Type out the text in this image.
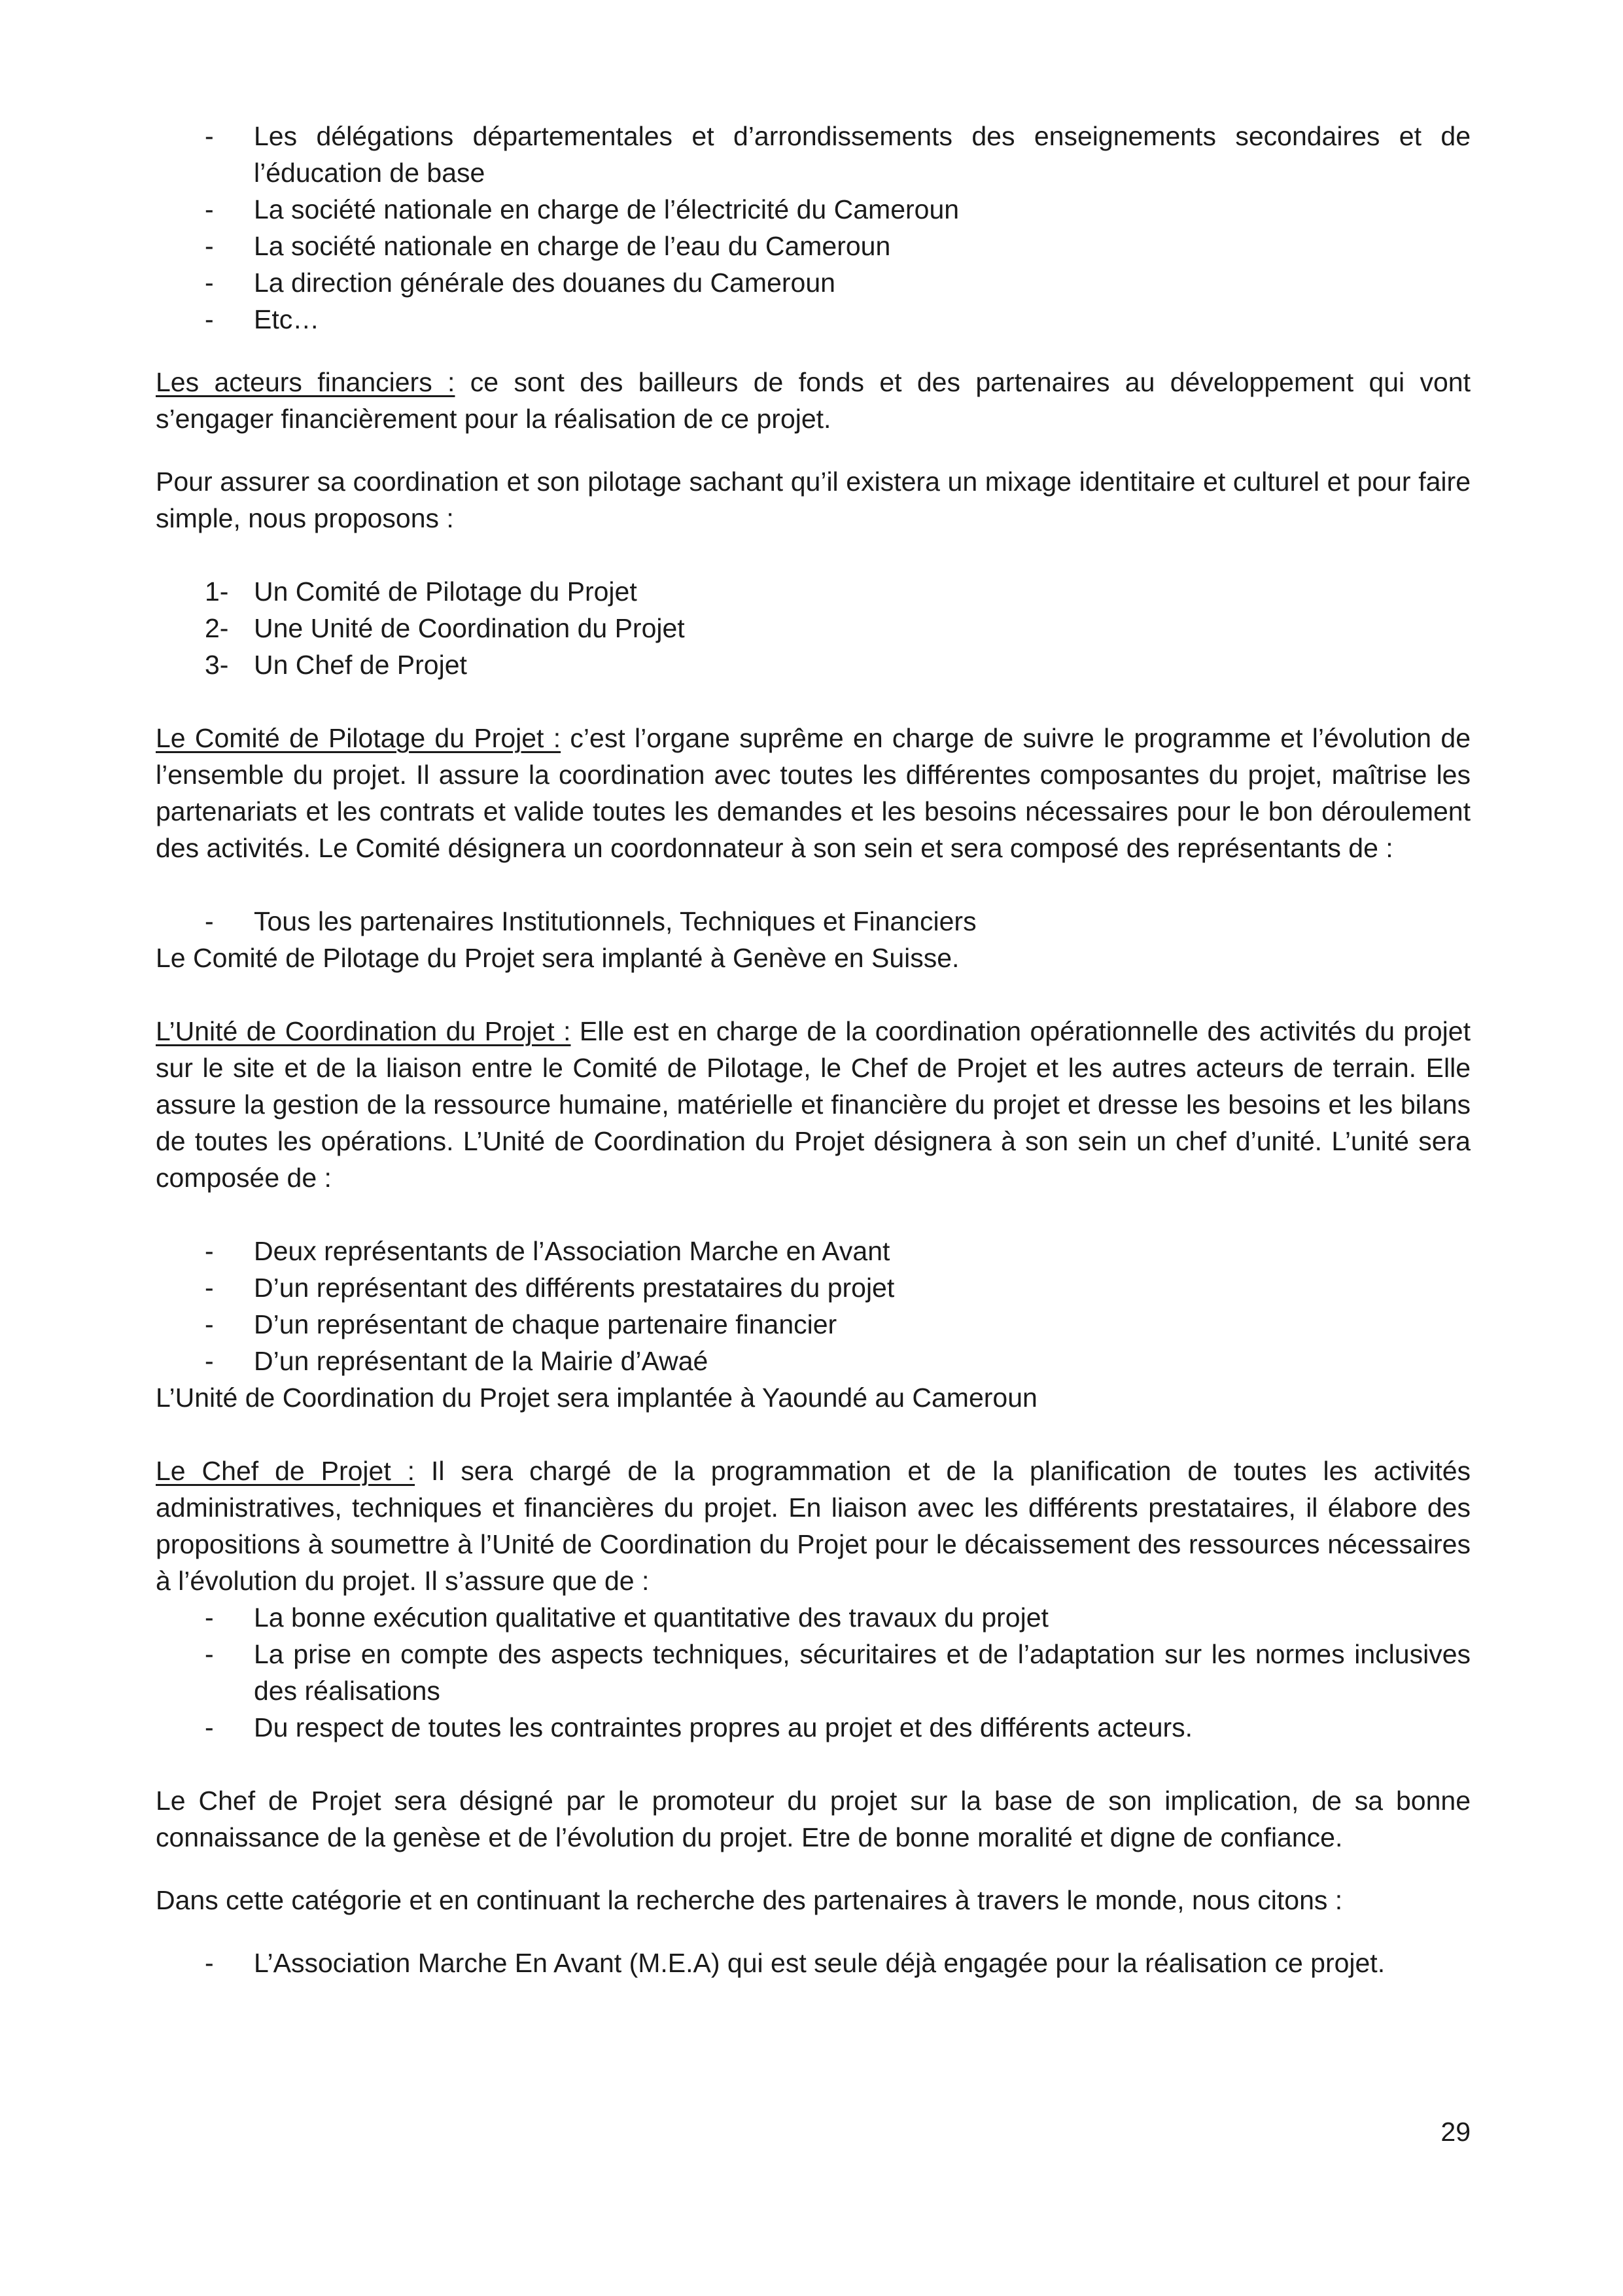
- Les délégations départementales et d’arrondissements des enseignements secondaires et de l’éducation de base
- La société nationale en charge de l’électricité du Cameroun
- La société nationale en charge de l’eau du Cameroun
- La direction générale des douanes du Cameroun
- Etc…

Les acteurs financiers : ce sont des bailleurs de fonds et des partenaires au développement qui vont s’engager financièrement pour la réalisation de ce projet.

Pour assurer sa coordination et son pilotage sachant qu’il existera un mixage identitaire et culturel et pour faire simple, nous proposons :

1- Un Comité de Pilotage du Projet
2- Une Unité de Coordination du Projet
3- Un Chef de Projet

Le Comité de Pilotage du Projet : c’est l’organe suprême en charge de suivre le programme et l’évolution de l’ensemble du projet. Il assure la coordination avec toutes les différentes composantes du projet, maîtrise les partenariats et les contrats et valide toutes les demandes et les besoins nécessaires pour le bon déroulement des activités. Le Comité désignera un coordonnateur à son sein et sera composé des représentants de :

- Tous les partenaires Institutionnels, Techniques et Financiers

Le Comité de Pilotage du Projet sera implanté à Genève en Suisse.

L’Unité de Coordination du Projet : Elle est en charge de la coordination opérationnelle des activités du projet sur le site et de la liaison entre le Comité de Pilotage, le Chef de Projet et les autres acteurs de terrain. Elle assure la gestion de la ressource humaine, matérielle et financière du projet et dresse les besoins et les bilans de toutes les opérations. L’Unité de Coordination du Projet désignera à son sein un chef d’unité. L’unité sera composée de :

- Deux représentants de l’Association Marche en Avant
- D’un représentant des différents prestataires du projet
- D’un représentant de chaque partenaire financier
- D’un représentant de la Mairie d’Awaé

L’Unité de Coordination du Projet sera implantée à Yaoundé au Cameroun

Le Chef de Projet : Il sera chargé de la programmation et de la planification de toutes les activités administratives, techniques et financières du projet. En liaison avec les différents prestataires, il élabore des propositions à soumettre à l’Unité de Coordination du Projet pour le décaissement des ressources nécessaires à l’évolution du projet. Il s’assure que de :

- La bonne exécution qualitative et quantitative des travaux du projet
- La prise en compte des aspects techniques, sécuritaires et de l’adaptation sur les normes inclusives des réalisations
- Du respect de toutes les contraintes propres au projet et des différents acteurs.

Le Chef de Projet sera désigné par le promoteur du projet sur la base de son implication, de sa bonne connaissance de la genèse et de l’évolution du projet. Etre de bonne moralité et digne de confiance.

Dans cette catégorie et en continuant la recherche des partenaires à travers le monde, nous citons :

- L’Association Marche En Avant (M.E.A) qui est seule déjà engagée pour la réalisation ce projet.
29
